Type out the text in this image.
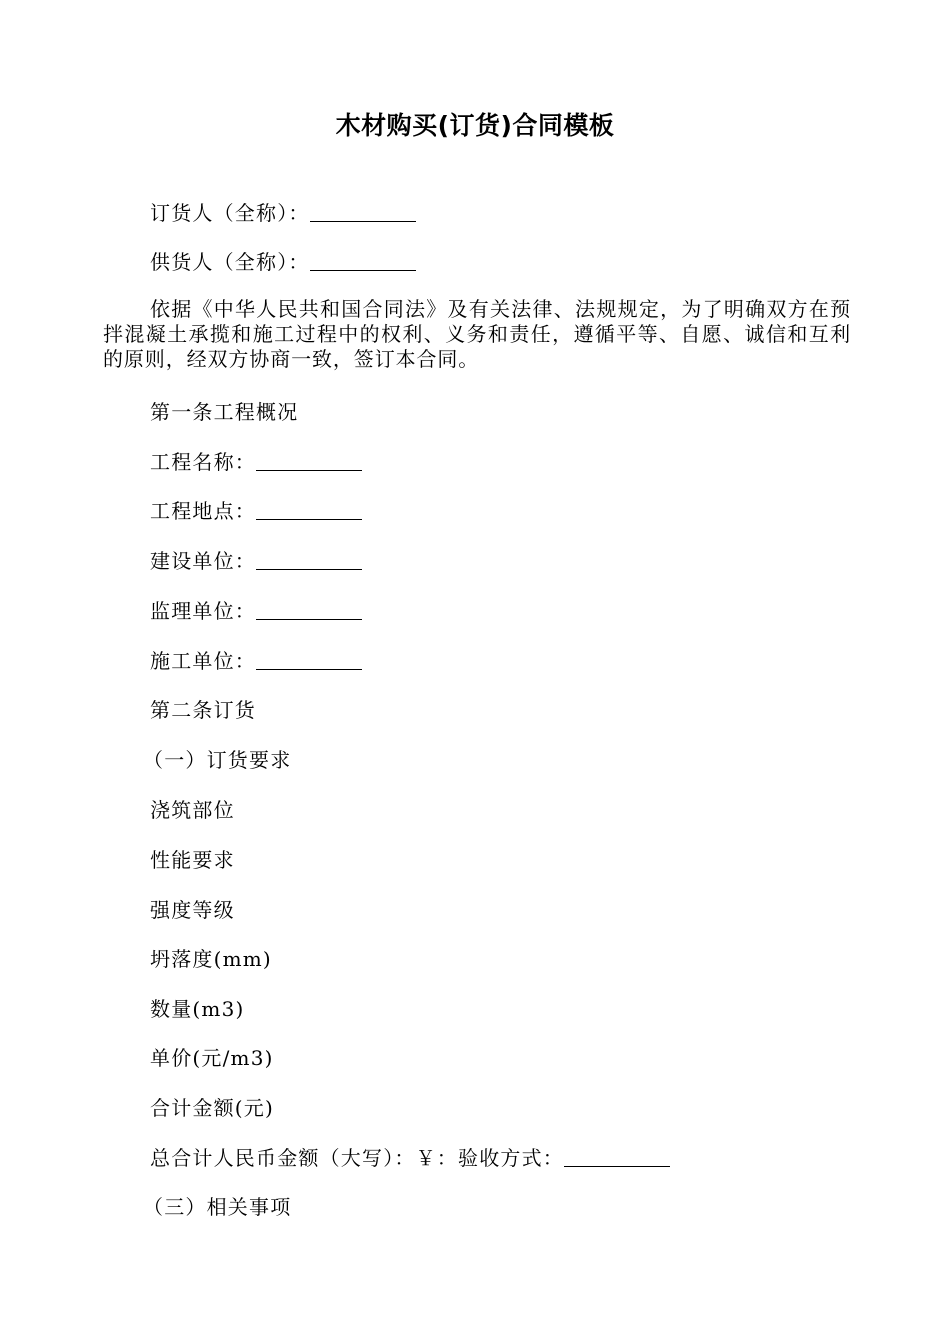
木材购买(订货)合同模板
订货人（全称）：
供货人（全称）：
依据《中华人民共和国合同法》及有关法律、法规规定，为了明确双方在预拌混凝土承揽和施工过程中的权利、义务和责任，遵循平等、自愿、诚信和互利的原则，经双方协商一致，签订本合同。
第一条工程概况
工程名称：
工程地点：
建设单位：
监理单位：
施工单位：
第二条订货
（一）订货要求
浇筑部位
性能要求
强度等级
坍落度(mm)
数量(m3)
单价(元/m3)
合计金额(元)
总合计人民币金额（大写）：￥：验收方式：
（三）相关事项
